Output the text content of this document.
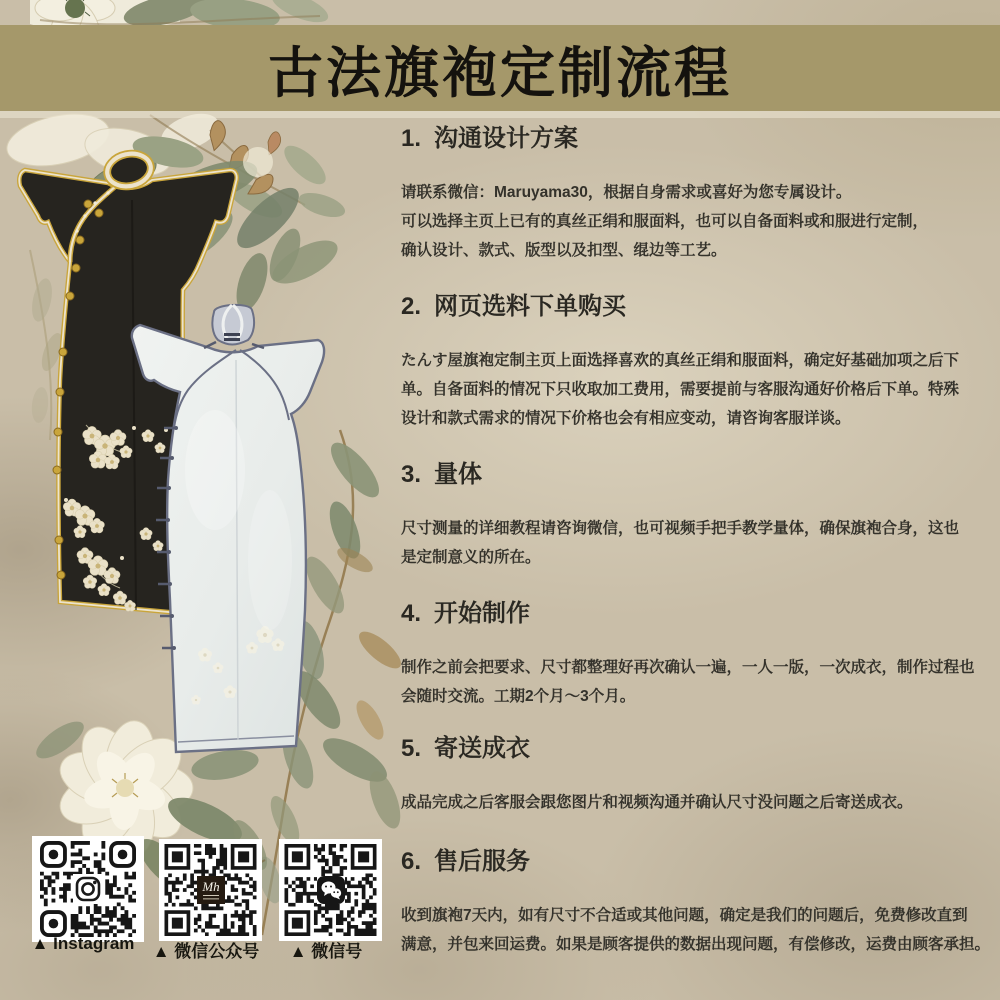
古法旗袍定制流程
1. 沟通设计方案
请联系微信：Maruyama30，根据自身需求或喜好为您专属设计。
可以选择主页上已有的真丝正绢和服面料，也可以自备面料或和服进行定制，
确认设计、款式、版型以及扣型、绲边等工艺。
2. 网页选料下单购买
たんす屋旗袍定制主页上面选择喜欢的真丝正绢和服面料，确定好基础加项之后下
单。自备面料的情况下只收取加工费用，需要提前与客服沟通好价格后下单。特殊
设计和款式需求的情况下价格也会有相应变动，请咨询客服详谈。
3. 量体
尺寸测量的详细教程请咨询微信，也可视频手把手教学量体，确保旗袍合身，这也
是定制意义的所在。
4. 开始制作
制作之前会把要求、尺寸都整理好再次确认一遍，一人一版，一次成衣，制作过程也
会随时交流。工期2个月～3个月。
5. 寄送成衣
成品完成之后客服会跟您图片和视频沟通并确认尺寸没问题之后寄送成衣。
6. 售后服务
收到旗袍7天内，如有尺寸不合适或其他问题，确定是我们的问题后，免费修改直到
满意，并包来回运费。如果是顾客提供的数据出现问题，有偿修改，运费由顾客承担。
▲ Instagram
Mh
▲ 微信公众号	▲ 微信号
